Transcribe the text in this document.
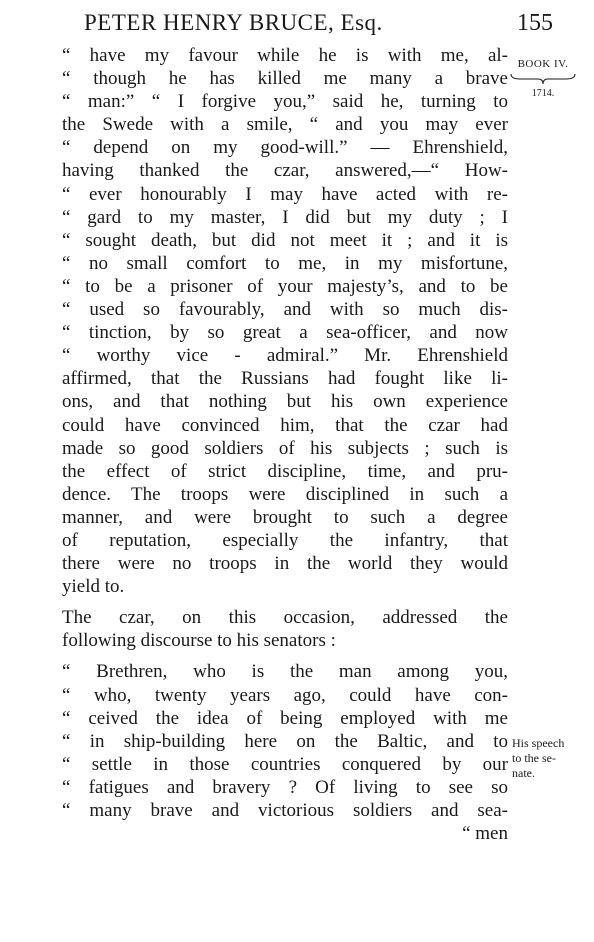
PETER HENRY BRUCE, Esq.	155
BOOK IV.
1714.
“ have my favour while he is with me, al-
“ though he has killed me many a brave
“ man:” “ I forgive you,” said he, turning to
the Swede with a smile, “ and you may ever
“ depend on my good-will.” — Ehrenshield,
having thanked the czar, answered,—“ How-
“ ever honourably I may have acted with re-
“ gard to my master, I did but my duty ; I
“ sought death, but did not meet it ; and it is
“ no small comfort to me, in my misfortune,
“ to be a prisoner of your majesty’s, and to be
“ used so favourably, and with so much dis-
“ tinction, by so great a sea-officer, and now
“ worthy vice - admiral.” Mr. Ehrenshield
affirmed, that the Russians had fought like li-
ons, and that nothing but his own experience
could have convinced him, that the czar had
made so good soldiers of his subjects ; such is
the effect of strict discipline, time, and pru-
dence. The troops were disciplined in such a
manner, and were brought to such a degree
of reputation, especially the infantry, that
there were no troops in the world they would
yield to.
The czar, on this occasion, addressed the
following discourse to his senators :
“ Brethren, who is the man among you,
“ who, twenty years ago, could have con-
“ ceived the idea of being employed with me
“ in ship-building here on the Baltic, and to
“ settle in those countries conquered by our
“ fatigues and bravery ? Of living to see so
“ many brave and victorious soldiers and sea-
“ men
His speech
to the se-
nate.
